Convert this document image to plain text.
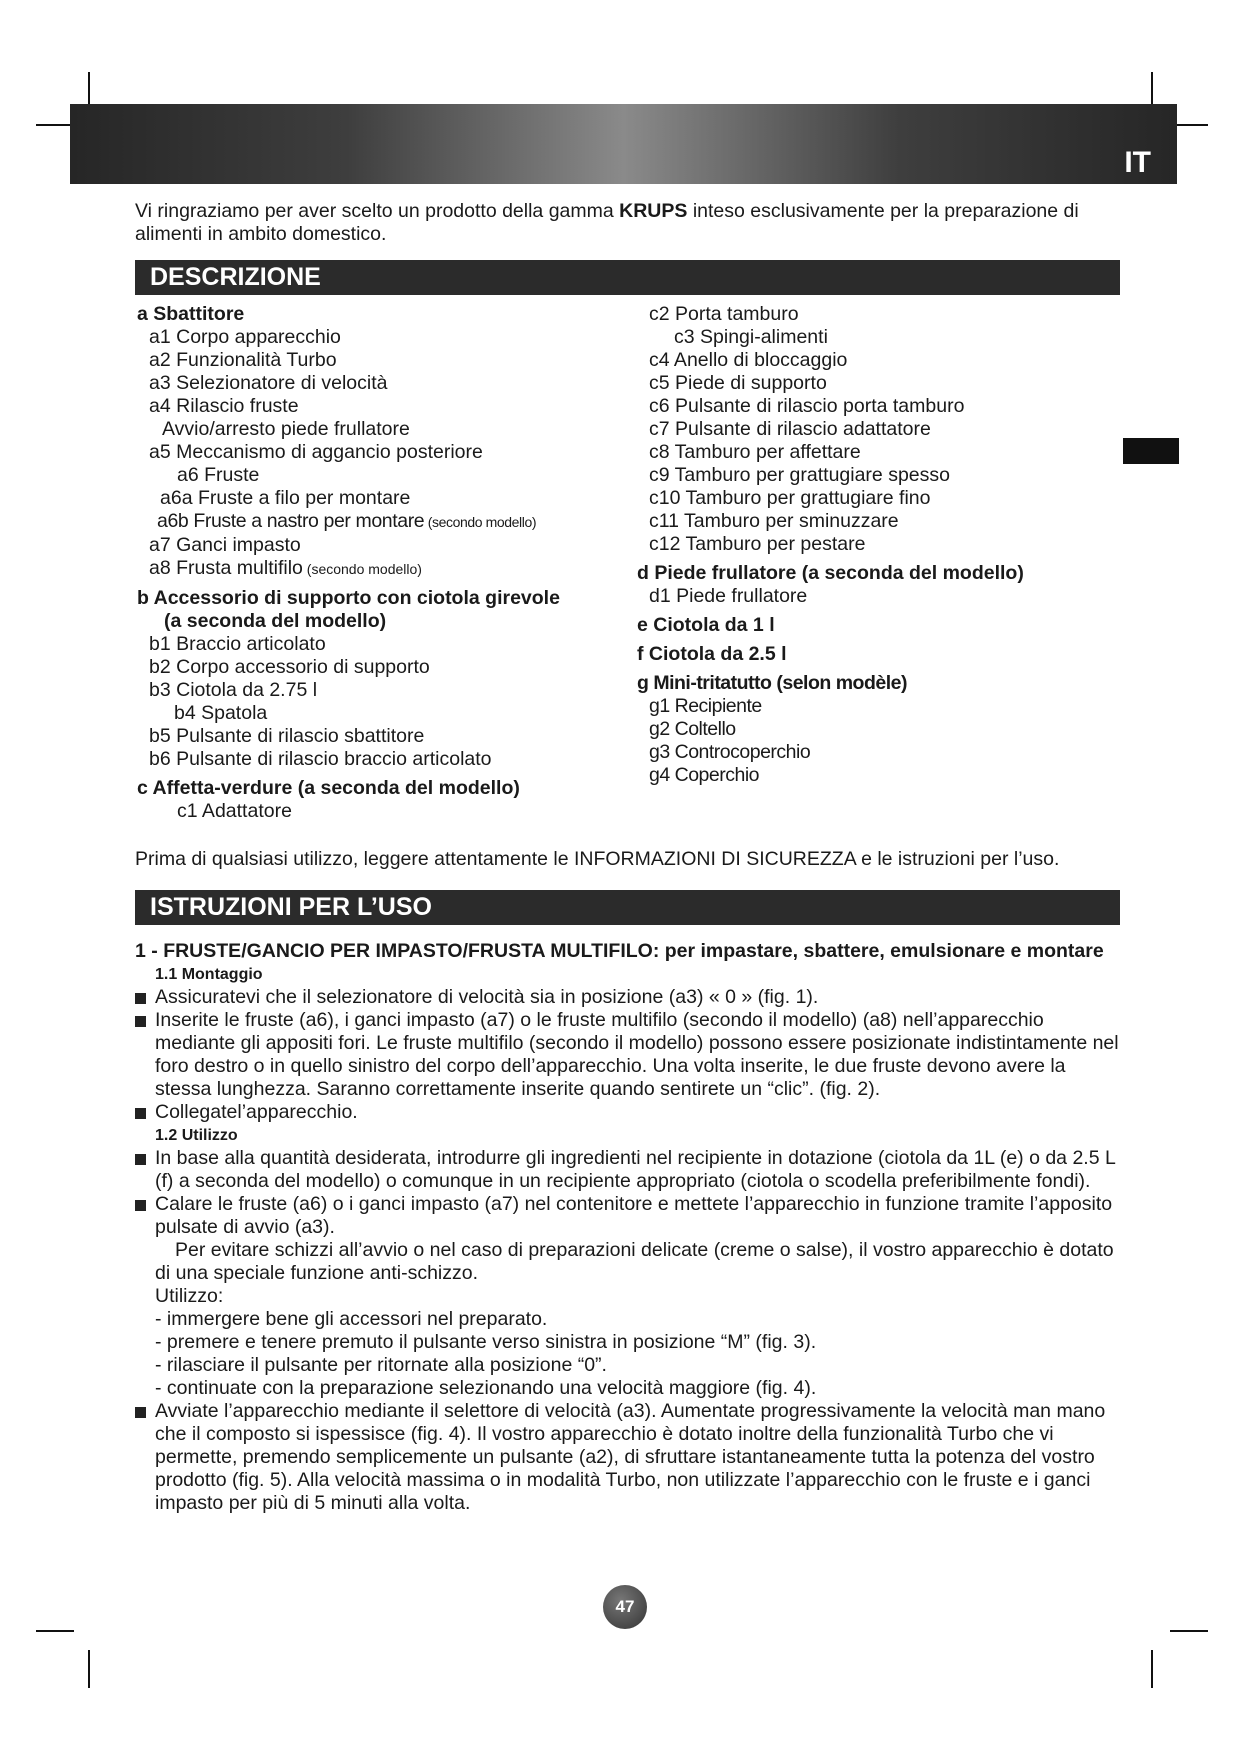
IT
Vi ringraziamo per aver scelto un prodotto della gamma KRUPS inteso esclusivamente per la preparazione di alimenti in ambito domestico.
DESCRIZIONE
a Sbattitore
a1 Corpo apparecchio
a2 Funzionalità Turbo
a3 Selezionatore di velocità
a4 Rilascio fruste
Avvio/arresto piede frullatore
a5 Meccanismo di aggancio posteriore
a6 Fruste
a6a Fruste a filo per montare
a6b Fruste a nastro per montare (secondo modello)
a7 Ganci impasto
a8 Frusta multifilo (secondo modello)
b Accessorio di supporto con ciotola girevole
(a seconda del modello)
b1 Braccio articolato
b2 Corpo accessorio di supporto
b3 Ciotola da 2.75 l
b4 Spatola
b5 Pulsante di rilascio sbattitore
b6 Pulsante di rilascio braccio articolato
c Affetta-verdure (a seconda del modello)
c1 Adattatore
c2 Porta tamburo
c3 Spingi-alimenti
c4 Anello di bloccaggio
c5 Piede di supporto
c6 Pulsante di rilascio porta tamburo
c7 Pulsante di rilascio adattatore
c8 Tamburo per affettare
c9 Tamburo per grattugiare spesso
c10 Tamburo per grattugiare fino
c11 Tamburo per sminuzzare
c12 Tamburo per pestare
d Piede frullatore (a seconda del modello)
d1 Piede frullatore
e Ciotola da 1 l
f Ciotola da 2.5 l
g Mini-tritatutto (selon modèle)
g1 Recipiente
g2 Coltello
g3 Controcoperchio
g4 Coperchio
Prima di qualsiasi utilizzo, leggere attentamente le INFORMAZIONI DI SICUREZZA e le istruzioni per l’uso.
ISTRUZIONI PER L’USO

1 - FRUSTE/GANCIO PER IMPASTO/FRUSTA MULTIFILO: per impastare, sbattere, emulsionare e montare

1.1 Montaggio

Assicuratevi che il selezionatore di velocità sia in posizione (a3) « 0 » (fig. 1).

Inserite le fruste (a6), i ganci impasto (a7) o le fruste multifilo (secondo il modello) (a8) nell’apparecchio mediante gli appositi fori. Le fruste multifilo (secondo il modello) possono essere posizionate indistintamente nel foro destro o in quello sinistro del corpo dell’apparecchio. Una volta inserite, le due fruste devono avere la stessa lunghezza. Saranno correttamente inserite quando sentirete un “clic”. (fig. 2).

Collegatel’apparecchio.

1.2 Utilizzo

In base alla quantità desiderata, introdurre gli ingredienti nel recipiente in dotazione (ciotola da 1L (e) o da 2.5 L (f) a seconda del modello) o comunque in un recipiente appropriato (ciotola o scodella preferibilmente fondi).

Calare le fruste (a6) o i ganci impasto (a7) nel contenitore e mettete l’apparecchio in funzione tramite l’apposito pulsate di avvio (a3).

Per evitare schizzi all’avvio o nel caso di preparazioni delicate (creme o salse), il vostro apparecchio è dotato di una speciale funzione anti-schizzo.

Utilizzo:

- immergere bene gli accessori nel preparato.

- premere e tenere premuto il pulsante verso sinistra in posizione “M” (fig. 3).

- rilasciare il pulsante per ritornate alla posizione “0”.

- continuate con la preparazione selezionando una velocità maggiore (fig. 4).

Avviate l’apparecchio mediante il selettore di velocità (a3). Aumentate progressivamente la velocità man mano che il composto si ispessisce (fig. 4). Il vostro apparecchio è dotato inoltre della funzionalità Turbo che vi permette, premendo semplicemente un pulsante (a2), di sfruttare istantaneamente tutta la potenza del vostro prodotto (fig. 5). Alla velocità massima o in modalità Turbo, non utilizzate l’apparecchio con le fruste e i ganci impasto per più di 5 minuti alla volta.

47
